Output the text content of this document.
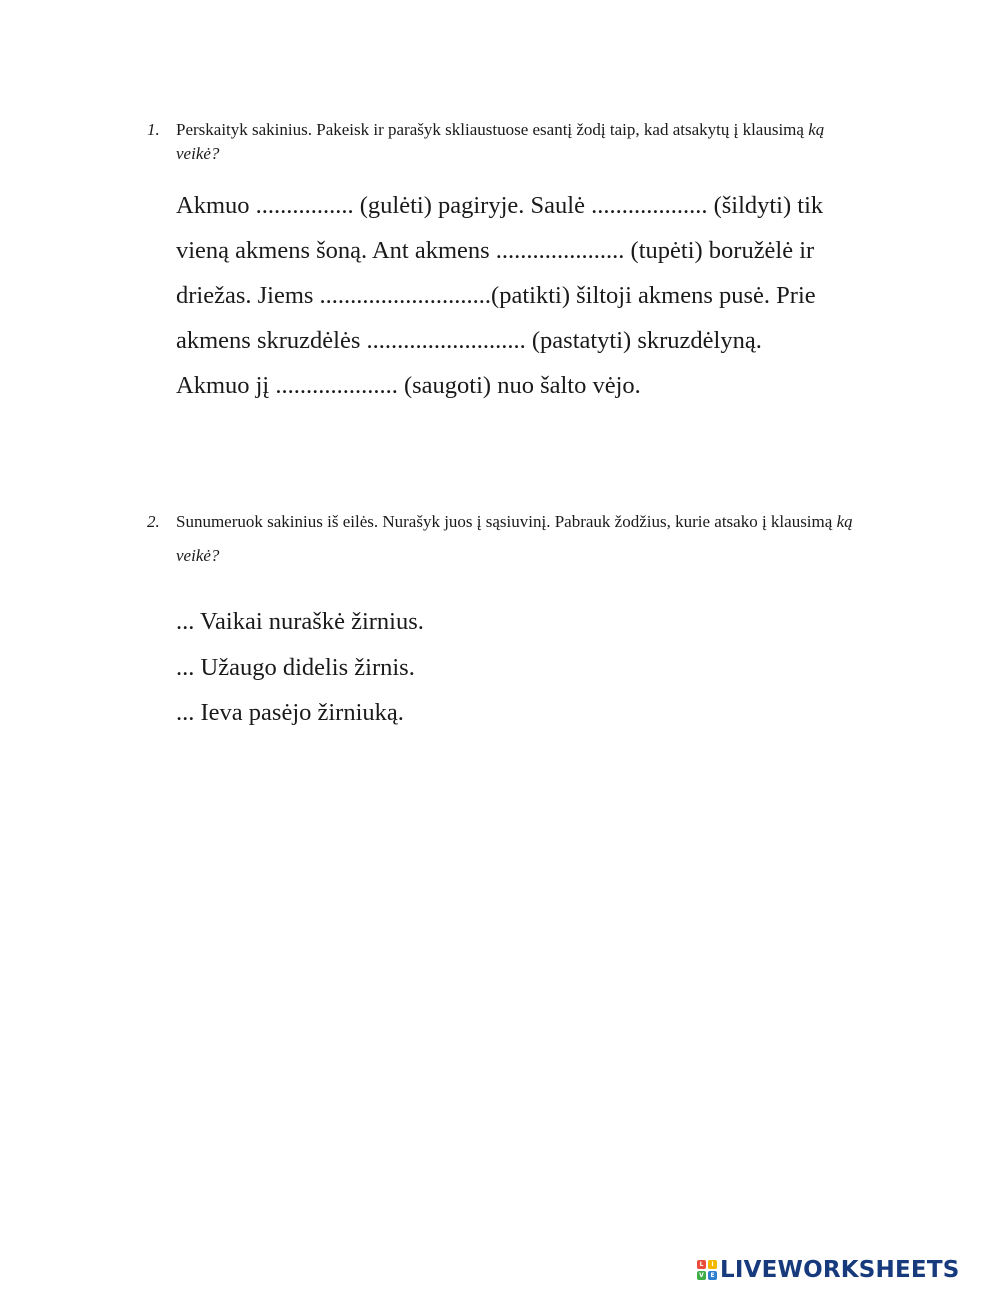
1. Perskaityk sakinius. Pakeisk ir parašyk skliaustuose esantį žodį taip, kad atsakytų į klausimą ką veikė?
Akmuo ................ (gulėti) pagiryje. Saulė ................... (šildyti) tik
vieną akmens šoną. Ant akmens ..................... (tupėti) boružėlė ir
driežas. Jiems ............................(patikti) šiltoji akmens pusė. Prie
akmens skruzdėlės .......................... (pastatyti) skruzdėlyną.
Akmuo jį .................... (saugoti) nuo šalto vėjo.
2. Sunumeruok sakinius iš eilės. Nurašyk juos į sąsiuvinį. Pabrauk žodžius, kurie atsako į klausimą ką veikė?
... Vaikai nuraškė žirnius.
... Užaugo didelis žirnis.
... Ieva pasėjo žirniuką.
L	I
V	E LIVEWORKSHEETS
